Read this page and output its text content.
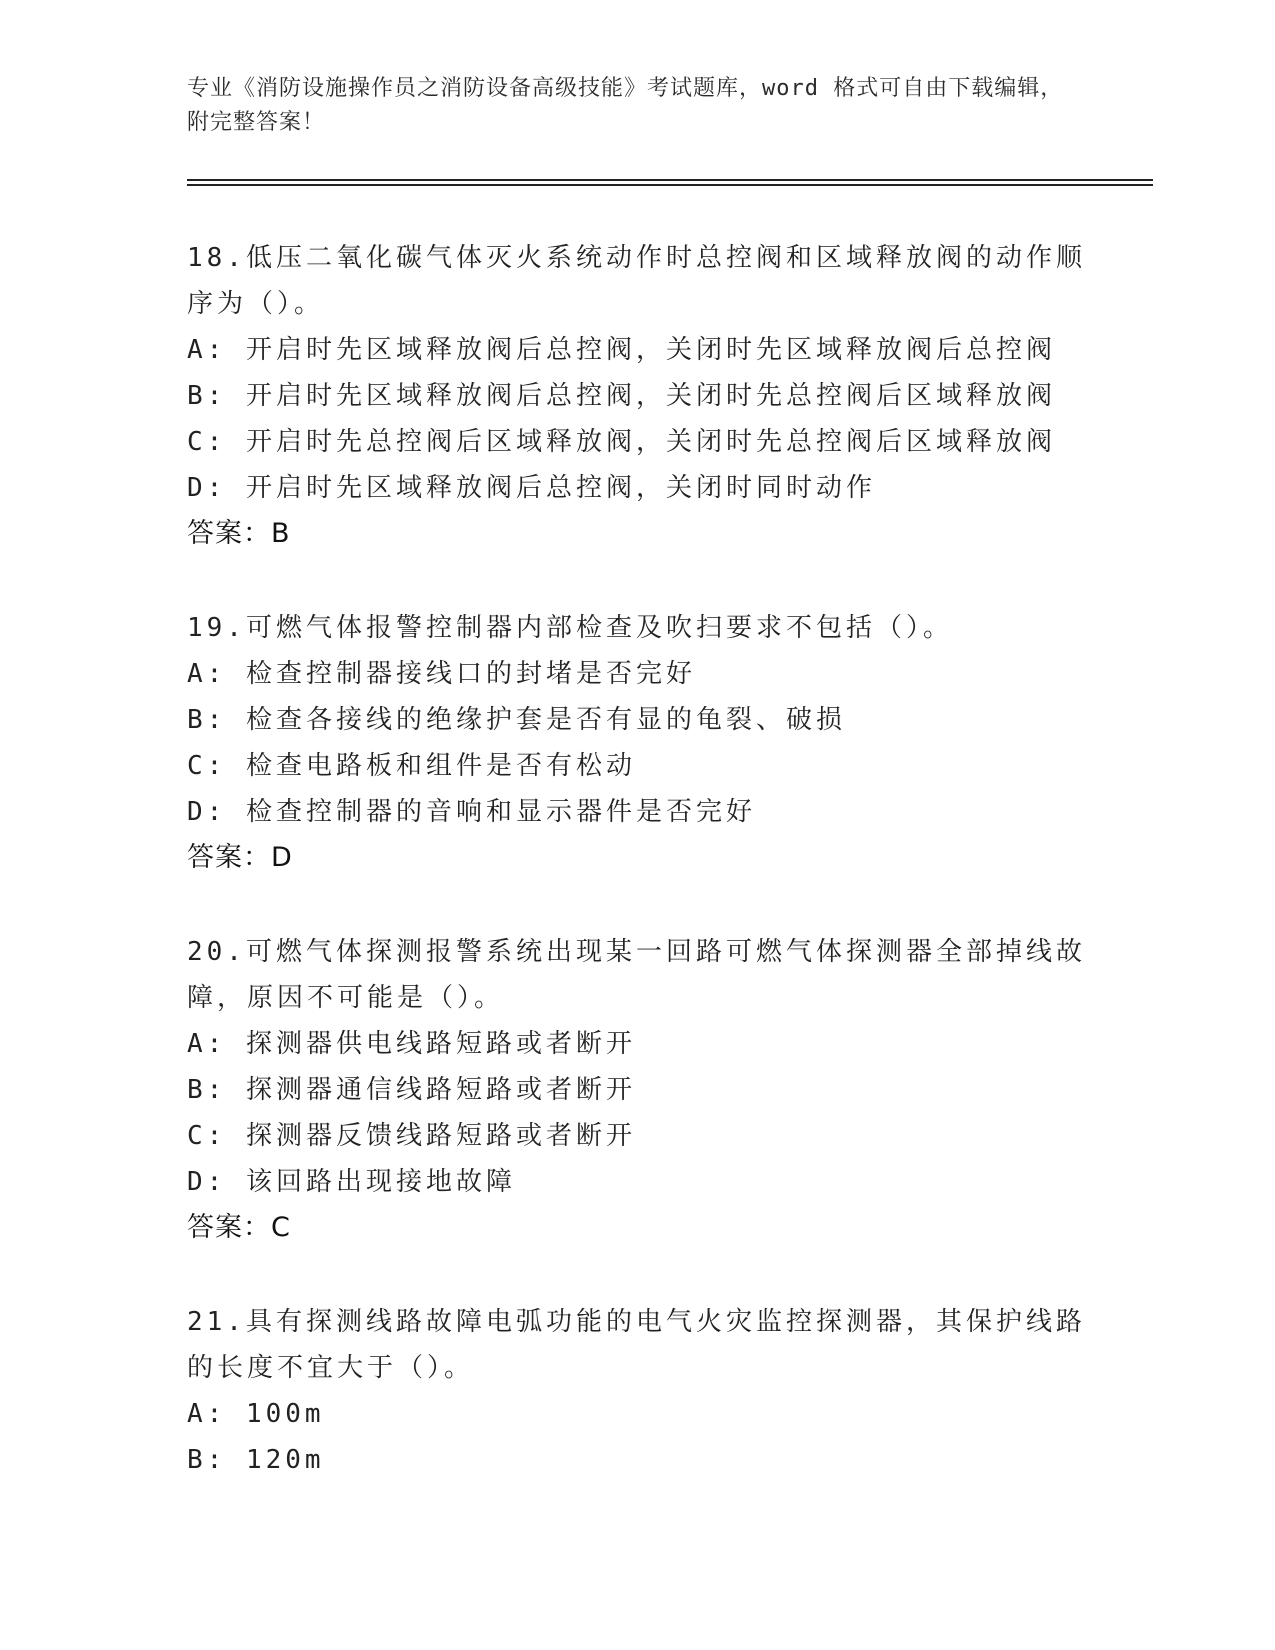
专业《消防设施操作员之消防设备高级技能》考试题库，word 格式可自由下载编辑，附完整答案！
18.低压二氧化碳气体灭火系统动作时总控阀和区域释放阀的动作顺序为（）。
A: 开启时先区域释放阀后总控阀，关闭时先区域释放阀后总控阀
B: 开启时先区域释放阀后总控阀，关闭时先总控阀后区域释放阀
C: 开启时先总控阀后区域释放阀，关闭时先总控阀后区域释放阀
D: 开启时先区域释放阀后总控阀，关闭时同时动作
答案：B
19.可燃气体报警控制器内部检查及吹扫要求不包括（）。
A: 检查控制器接线口的封堵是否完好
B: 检查各接线的绝缘护套是否有显的龟裂、破损
C: 检查电路板和组件是否有松动
D: 检查控制器的音响和显示器件是否完好
答案：D
20.可燃气体探测报警系统出现某一回路可燃气体探测器全部掉线故障，原因不可能是（）。
A: 探测器供电线路短路或者断开
B: 探测器通信线路短路或者断开
C: 探测器反馈线路短路或者断开
D: 该回路出现接地故障
答案：C
21.具有探测线路故障电弧功能的电气火灾监控探测器，其保护线路的长度不宜大于（）。
A: 100m
B: 120m
